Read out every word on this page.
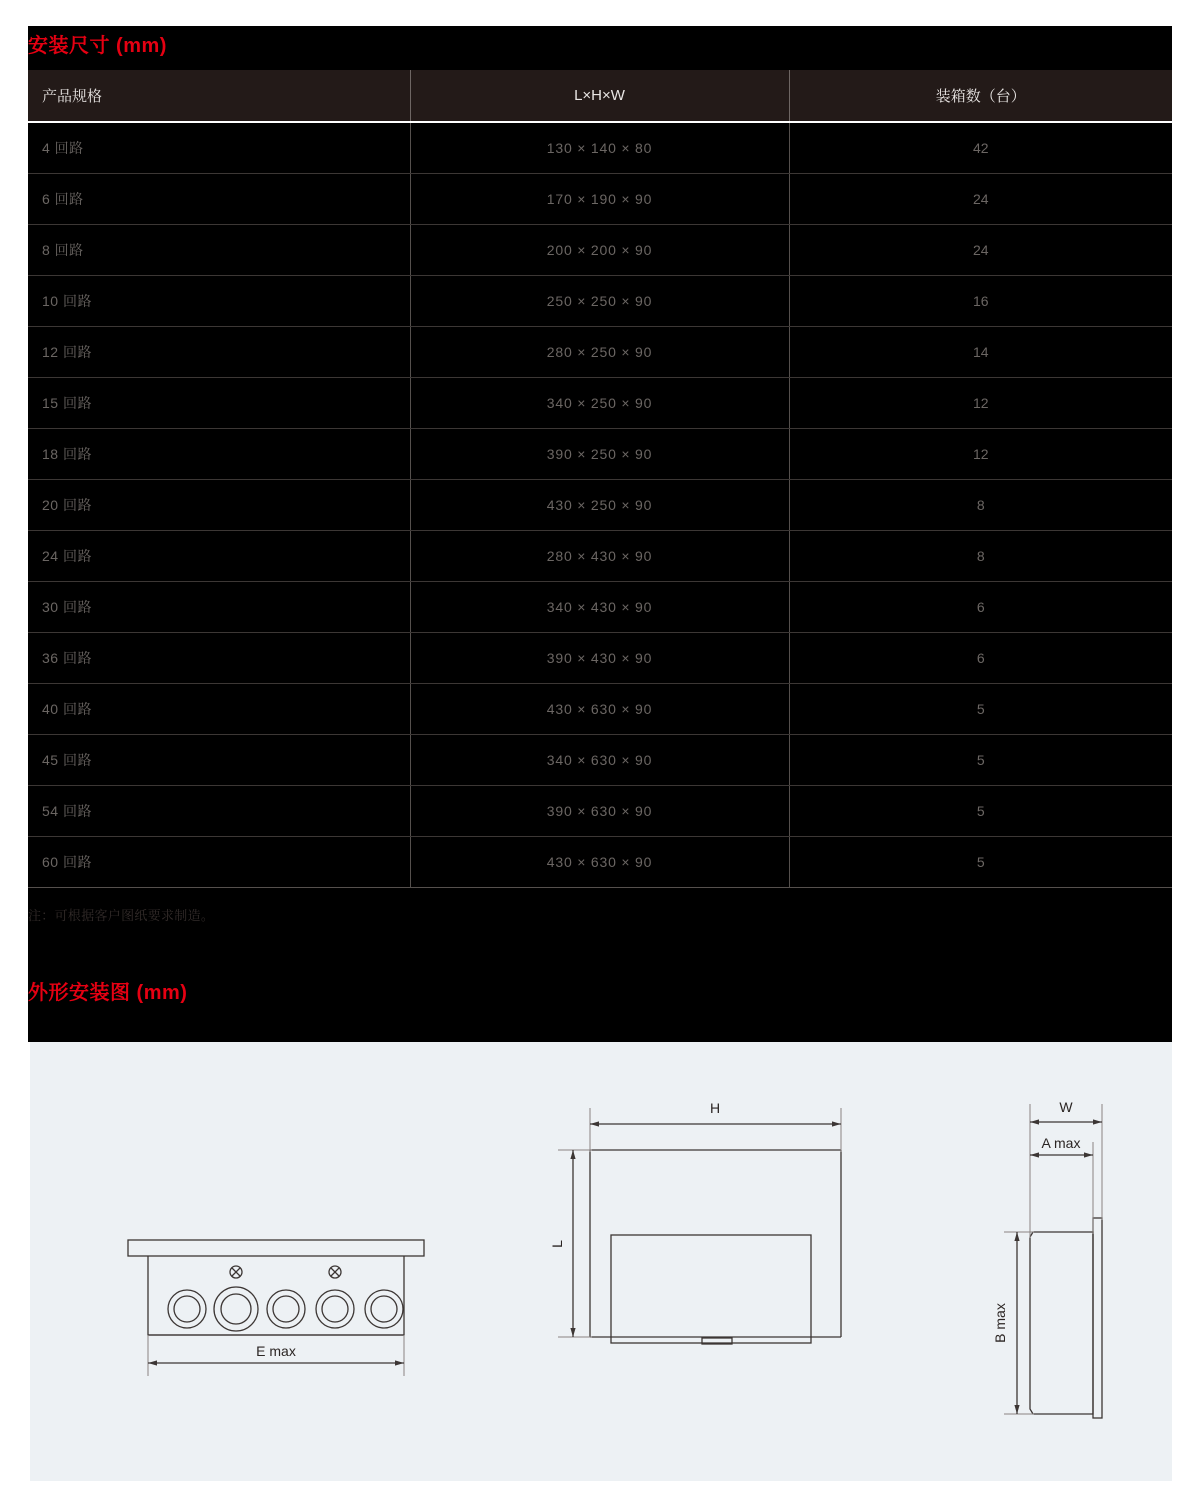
安装尺寸 (mm)
产品规格	L×H×W	装箱数（台）
4 回路	130 × 140 × 80	42
6 回路	170 × 190 × 90	24
8 回路	200 × 200 × 90	24
10 回路	250 × 250 × 90	16
12 回路	280 × 250 × 90	14
15 回路	340 × 250 × 90	12
18 回路	390 × 250 × 90	12
20 回路	430 × 250 × 90	8
24 回路	280 × 430 × 90	8
30 回路	340 × 430 × 90	6
36 回路	390 × 430 × 90	6
40 回路	430 × 630 × 90	5
45 回路	340 × 630 × 90	5
54 回路	390 × 630 × 90	5
60 回路	430 × 630 × 90	5
注：可根据客户图纸要求制造。
外形安装图 (mm)
E max
H
L
W
A max
B max
